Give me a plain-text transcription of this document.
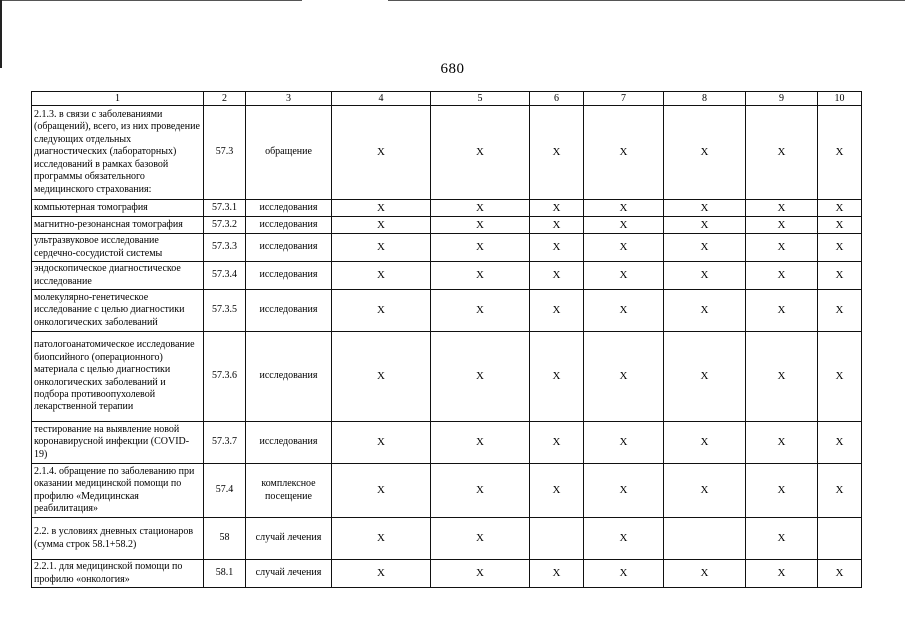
680
1	2	3	4	5	6	7	8	9	10
2.1.3. в связи с заболеваниями (обращений), всего, из них проведение следующих отдельных диагностических (лабораторных) исследований в рамках базовой программы обязательного медицинского страхования:	57.3	обращение	X	X	X	X	X	X	X
компьютерная томография	57.3.1	исследования	X	X	X	X	X	X	X
магнитно-резонансная томография	57.3.2	исследования	X	X	X	X	X	X	X
ультразвуковое исследование сердечно-сосудистой системы	57.3.3	исследования	X	X	X	X	X	X	X
эндоскопическое диагностическое исследование	57.3.4	исследования	X	X	X	X	X	X	X
молекулярно-генетическое исследование с целью диагностики онкологических заболеваний	57.3.5	исследования	X	X	X	X	X	X	X
патологоанатомическое исследование биопсийного (операционного) материала с целью диагностики онкологических заболеваний и подбора противоопухолевой лекарственной терапии	57.3.6	исследования	X	X	X	X	X	X	X
тестирование на выявление новой коронавирусной инфекции (COVID-19)	57.3.7	исследования	X	X	X	X	X	X	X
2.1.4. обращение по заболеванию при оказании медицинской помощи по профилю «Медицинская реабилитация»	57.4	комплексное посещение	X	X	X	X	X	X	X
2.2. в условиях дневных стационаров (сумма строк 58.1+58.2)	58	случай лечения	X	X		X		X	
2.2.1. для медицинской помощи по профилю «онкология»	58.1	случай лечения	X	X	X	X	X	X	X
